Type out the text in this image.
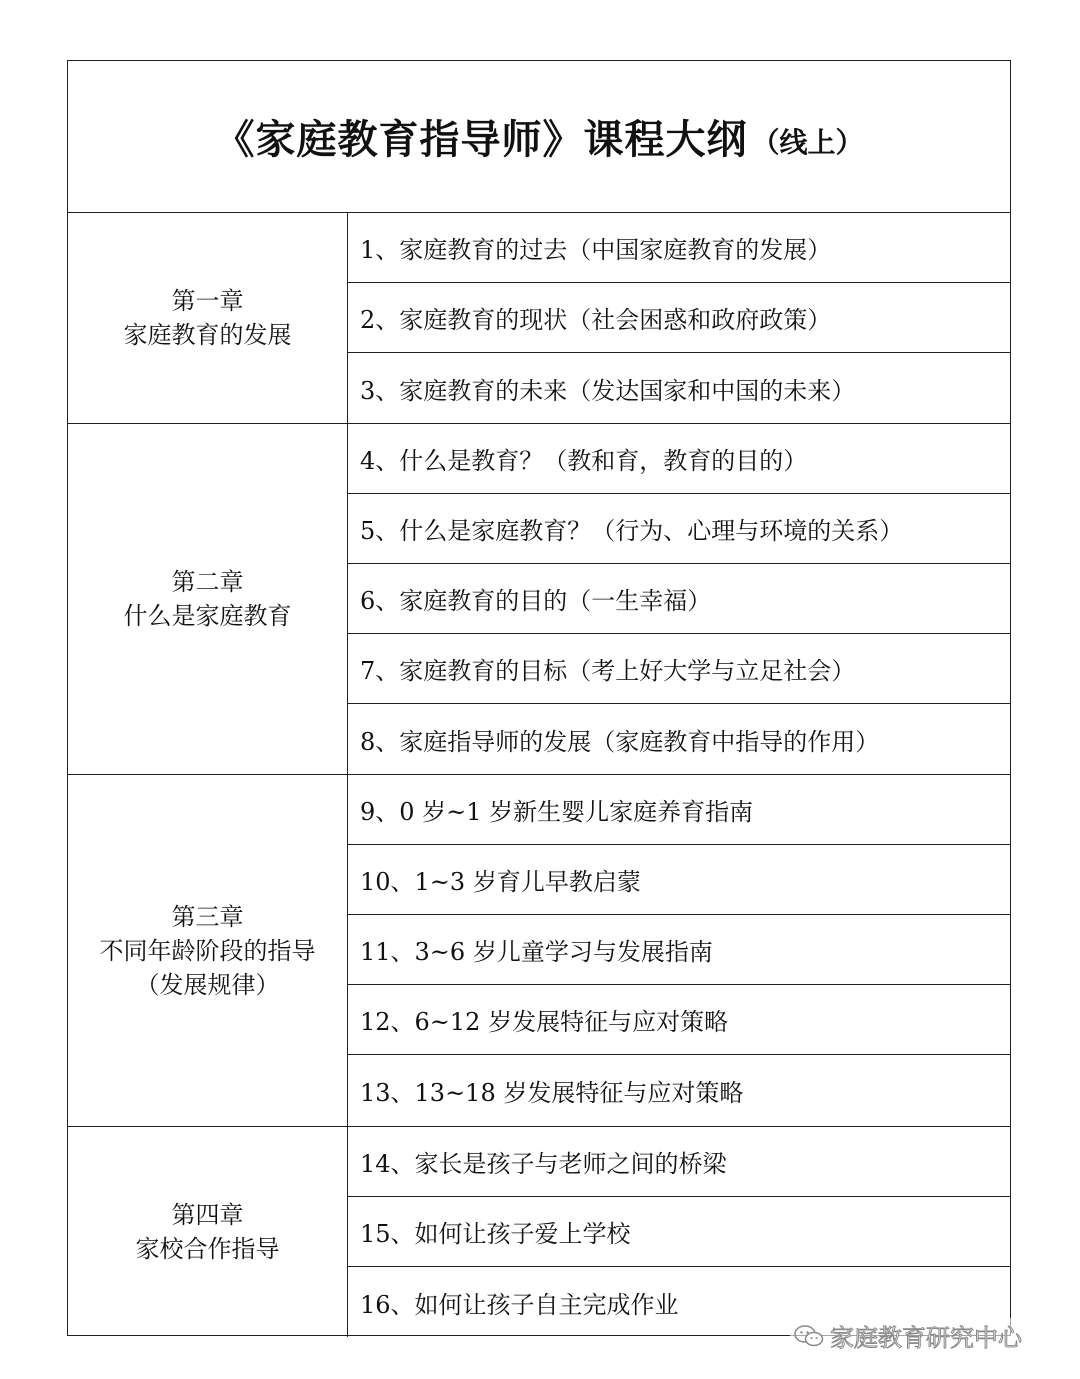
《家庭教育指导师》课程大纲 （线上）
第一章
家庭教育的发展
1、家庭教育的过去（中国家庭教育的发展）
2、家庭教育的现状（社会困惑和政府政策）
3、家庭教育的未来（发达国家和中国的未来）
第二章
什么是家庭教育
4、什么是教育？（教和育，教育的目的）
5、什么是家庭教育？（行为、心理与环境的关系）
6、家庭教育的目的（一生幸福）
7、家庭教育的目标（考上好大学与立足社会）
8、家庭指导师的发展（家庭教育中指导的作用）
第三章
不同年龄阶段的指导
（发展规律）
9、0 岁~1 岁新生婴儿家庭养育指南
10、1~3 岁育儿早教启蒙
11、3~6 岁儿童学习与发展指南
12、6~12 岁发展特征与应对策略
13、13~18 岁发展特征与应对策略
第四章
家校合作指导
14、家长是孩子与老师之间的桥梁
15、如何让孩子爱上学校
16、如何让孩子自主完成作业
家庭教育研究中心
